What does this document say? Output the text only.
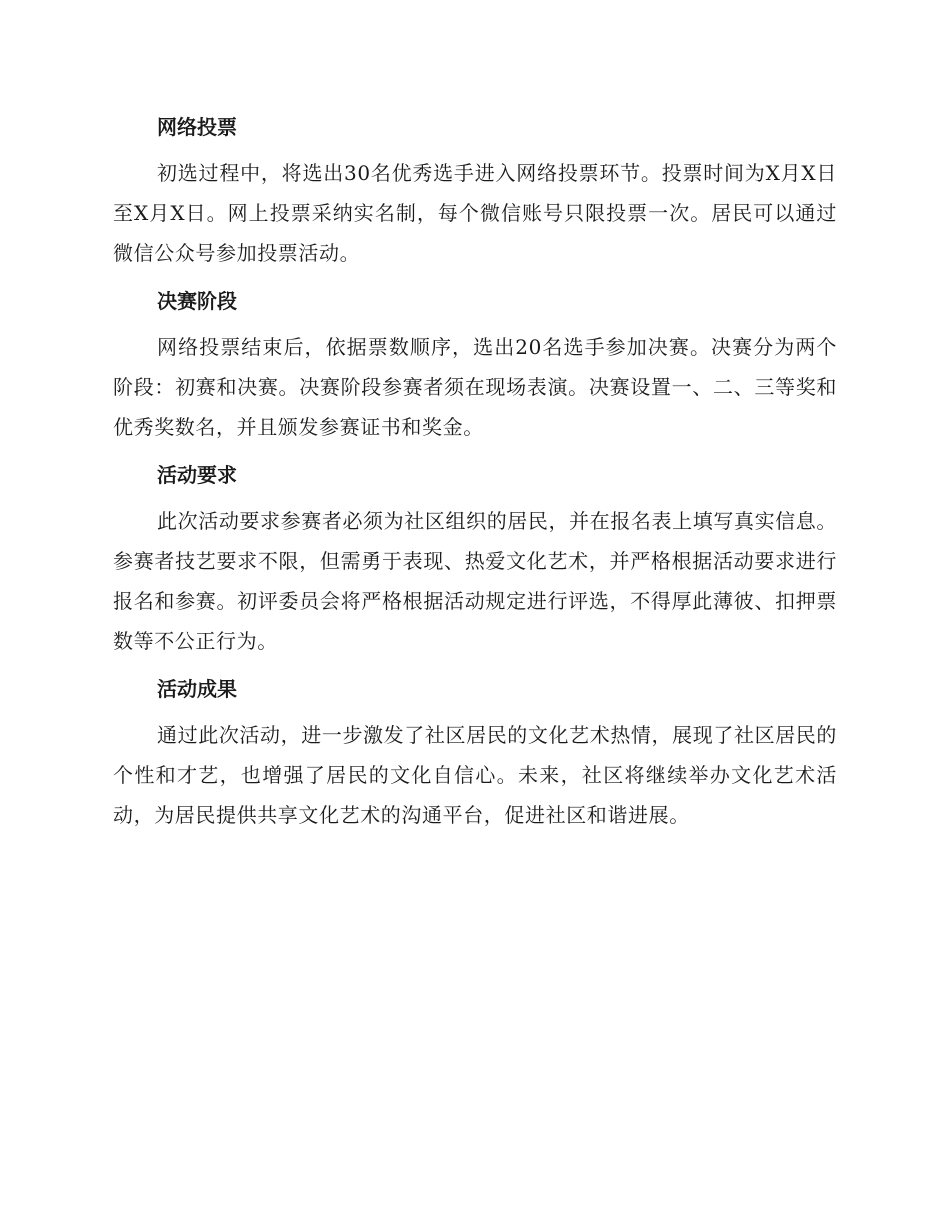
网络投票

初选过程中，将选出30名优秀选手进入网络投票环节。投票时间为X月X日至X月X日。网上投票采纳实名制，每个微信账号只限投票一次。居民可以通过微信公众号参加投票活动。

决赛阶段

网络投票结束后，依据票数顺序，选出20名选手参加决赛。决赛分为两个阶段：初赛和决赛。决赛阶段参赛者须在现场表演。决赛设置一、二、三等奖和优秀奖数名，并且颁发参赛证书和奖金。

活动要求

此次活动要求参赛者必须为社区组织的居民，并在报名表上填写真实信息。参赛者技艺要求不限，但需勇于表现、热爱文化艺术，并严格根据活动要求进行报名和参赛。初评委员会将严格根据活动规定进行评选，不得厚此薄彼、扣押票数等不公正行为。

活动成果

通过此次活动，进一步激发了社区居民的文化艺术热情，展现了社区居民的个性和才艺，也增强了居民的文化自信心。未来，社区将继续举办文化艺术活动，为居民提供共享文化艺术的沟通平台，促进社区和谐进展。
